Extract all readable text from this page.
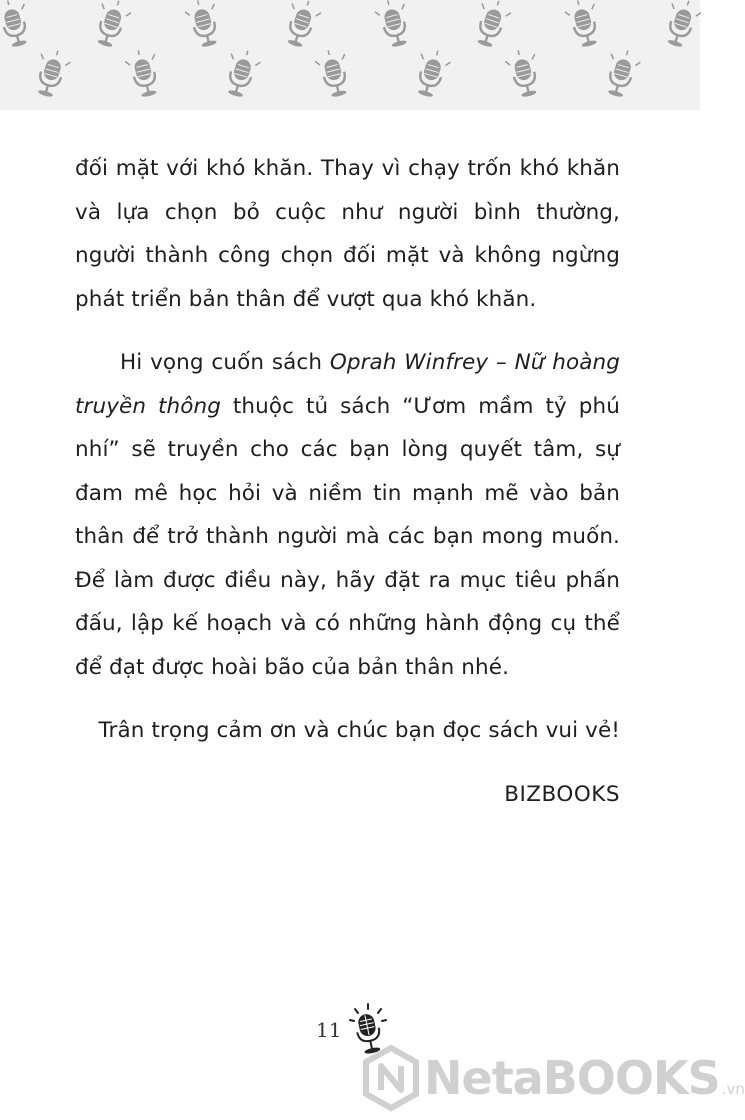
đối mặt với khó khăn. Thay vì chạy trốn khó khăn và lựa chọn bỏ cuộc như người bình thường, người thành công chọn đối mặt và không ngừng phát triển bản thân để vượt qua khó khăn.

Hi vọng cuốn sách Oprah Winfrey – Nữ hoàng truyền thông thuộc tủ sách “Ươm mầm tỷ phú nhí” sẽ truyền cho các bạn lòng quyết tâm, sự đam mê học hỏi và niềm tin mạnh mẽ vào bản thân để trở thành người mà các bạn mong muốn. Để làm được điều này, hãy đặt ra mục tiêu phấn đấu, lập kế hoạch và có những hành động cụ thể để đạt được hoài bão của bản thân nhé.

Trân trọng cảm ơn và chúc bạn đọc sách vui vẻ!

BIZBOOKS

11
NetaBOOKS .vn
